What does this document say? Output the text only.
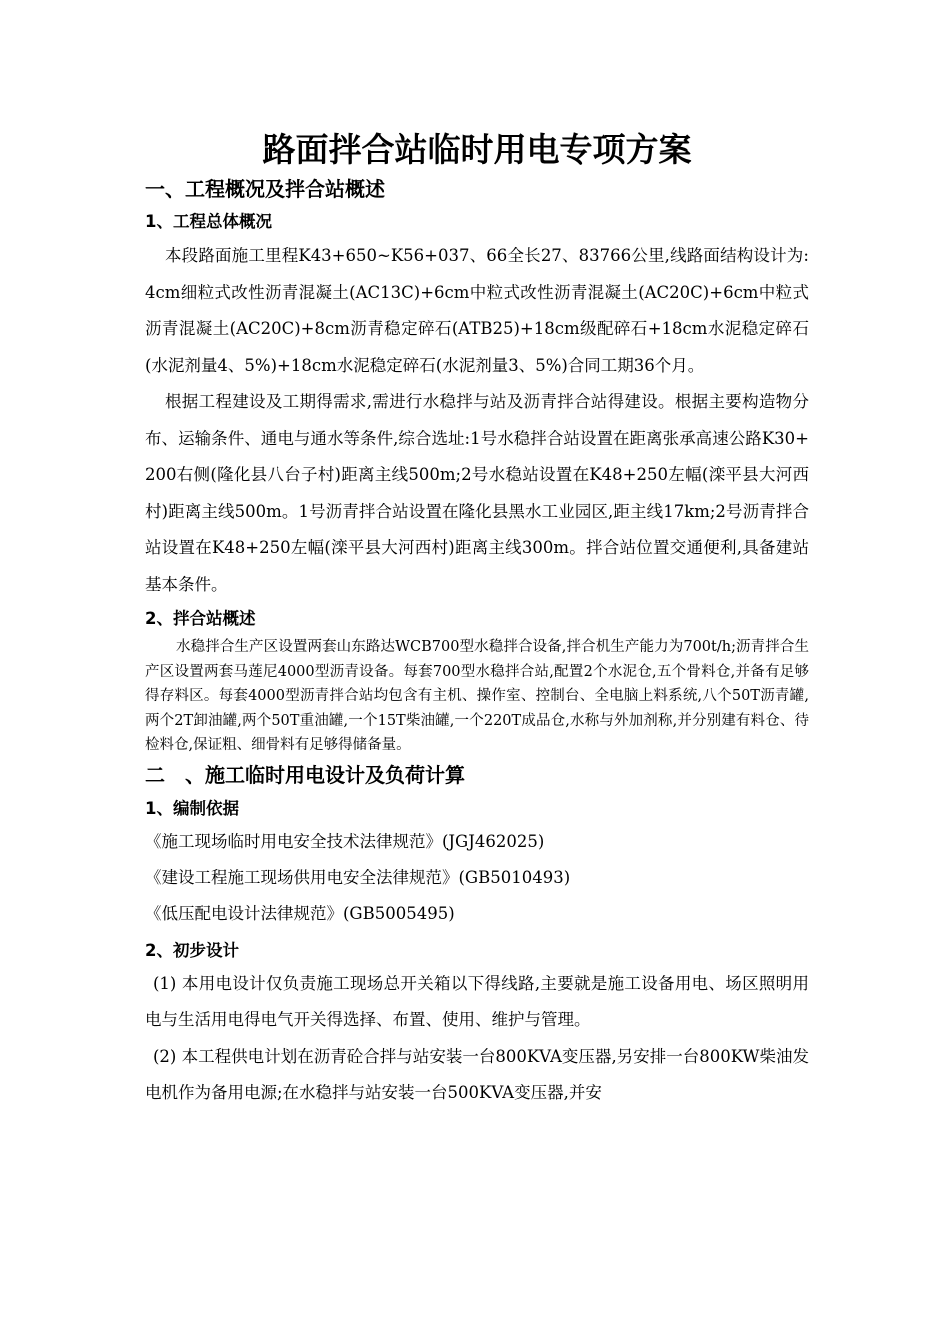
路面拌合站临时用电专项方案
一、工程概况及拌合站概述
1、工程总体概况

本段路面施工里程K43+650~K56+037、66全长27、83766公里,线路面结构设计为:4cm细粒式改性沥青混凝土(AC13C)+6cm中粒式改性沥青混凝土(AC20C)+6cm中粒式沥青混凝土(AC20C)+8cm沥青稳定碎石(ATB25)+18cm级配碎石+18cm水泥稳定碎石(水泥剂量4、5%)+18cm水泥稳定碎石(水泥剂量3、5%)合同工期36个月。

根据工程建设及工期得需求,需进行水稳拌与站及沥青拌合站得建设。根据主要构造物分布、运输条件、通电与通水等条件,综合选址:1号水稳拌合站设置在距离张承高速公路K30+200右侧(隆化县八台子村)距离主线500m;2号水稳站设置在K48+250左幅(滦平县大河西村)距离主线500m。1号沥青拌合站设置在隆化县黑水工业园区,距主线17km;2号沥青拌合站设置在K48+250左幅(滦平县大河西村)距离主线300m。拌合站位置交通便利,具备建站基本条件。

2、拌合站概述

水稳拌合生产区设置两套山东路达WCB700型水稳拌合设备,拌合机生产能力为700t/h;沥青拌合生产区设置两套马莲尼4000型沥青设备。每套700型水稳拌合站,配置2个水泥仓,五个骨料仓,并备有足够得存料区。每套4000型沥青拌合站均包含有主机、操作室、控制台、全电脑上料系统,八个50T沥青罐,两个2T卸油罐,两个50T重油罐,一个15T柴油罐,一个220T成品仓,水称与外加剂称,并分别建有料仓、待检料仓,保证粗、细骨料有足够得储备量。

二　、施工临时用电设计及负荷计算
1、编制依据

《施工现场临时用电安全技术法律规范》(JGJ462025)

《建设工程施工现场供用电安全法律规范》(GB5010493)

《低压配电设计法律规范》(GB5005495)

2、初步设计

(1) 本用电设计仅负责施工现场总开关箱以下得线路,主要就是施工设备用电、场区照明用电与生活用电得电气开关得选择、布置、使用、维护与管理。

(2) 本工程供电计划在沥青砼合拌与站安装一台800KVA变压器,另安排一台800KW柴油发电机作为备用电源;在水稳拌与站安装一台500KVA变压器,并安
